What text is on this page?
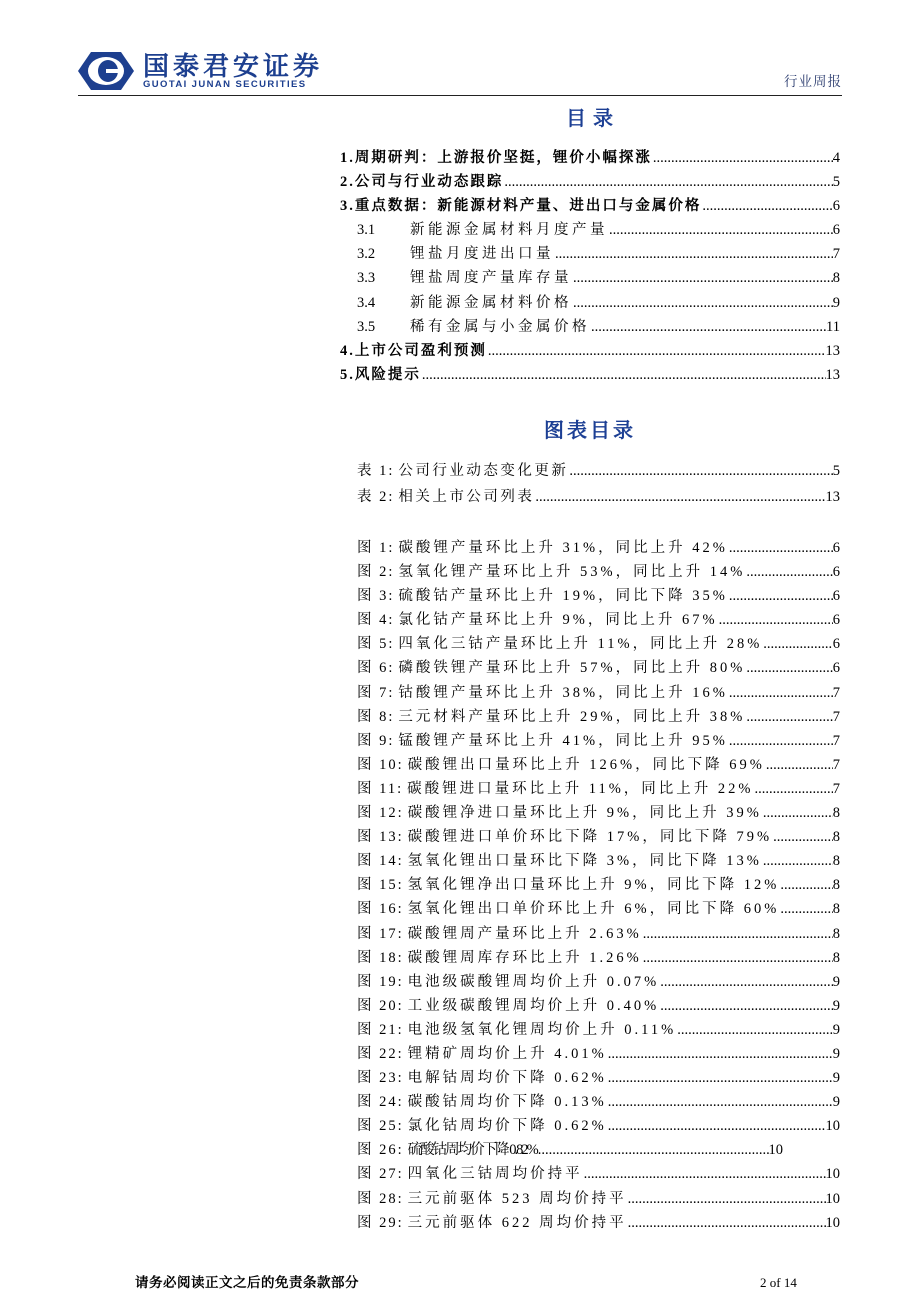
国泰君安证券
GUOTAI JUNAN SECURITIES	行业周报
目 录
1.周期研判：上游报价坚挺，锂价小幅探涨 .....	4
2.公司与行业动态跟踪 .....	5
3.重点数据：新能源材料产量、进出口与金属价格 .....	6
3.1	新能源金属材料月度产量 .....	6
3.2	锂盐月度进出口量 .....	7
3.3	锂盐周度产量库存量 .....	8
3.4	新能源金属材料价格 .....	9
3.5	稀有金属与小金属价格 .....	11
4.上市公司盈利预测 .....	13
5.风险提示 .....	13
图表目录
表 1: 公司行业动态变化更新 .....	5
表 2: 相关上市公司列表 .....	13
图 1: 碳酸锂产量环比上升 31%，同比上升 42% .....	6
图 2: 氢氧化锂产量环比上升 53%，同比上升 14% .....	6
图 3: 硫酸钴产量环比上升 19%，同比下降 35% .....	6
图 4: 氯化钴产量环比上升 9%，同比上升 67% .....	6
图 5: 四氧化三钴产量环比上升 11%，同比上升 28% .....	6
图 6: 磷酸铁锂产量环比上升 57%，同比上升 80% .....	6
图 7: 钴酸锂产量环比上升 38%，同比上升 16% .....	7
图 8: 三元材料产量环比上升 29%，同比上升 38% .....	7
图 9: 锰酸锂产量环比上升 41%，同比上升 95% .....	7
图 10: 碳酸锂出口量环比上升 126%，同比下降 69% .....	7
图 11: 碳酸锂进口量环比上升 11%，同比上升 22% .....	7
图 12: 碳酸锂净进口量环比上升 9%，同比上升 39% .....	8
图 13: 碳酸锂进口单价环比下降 17%，同比下降 79% .....	8
图 14: 氢氧化锂出口量环比下降 3%，同比下降 13% .....	8
图 15: 氢氧化锂净出口量环比上升 9%，同比下降 12% .....	8
图 16: 氢氧化锂出口单价环比上升 6%，同比下降 60% .....	8
图 17: 碳酸锂周产量环比上升 2.63% .....	8
图 18: 碳酸锂周库存环比上升 1.26% .....	8
图 19: 电池级碳酸锂周均价上升 0.07% .....	9
图 20: 工业级碳酸锂周均价上升 0.40% .....	9
图 21: 电池级氢氧化锂周均价上升 0.11% .....	9
图 22: 锂精矿周均价上升 4.01% .....	9
图 23: 电解钴周均价下降 0.62% .....	9
图 24: 碳酸钴周均价下降 0.13% .....	9
图 25: 氯化钴周均价下降 0.62% .....	10
图 26: 硫酸钴周均价下降 0.82% .....	10
图 27: 四氧化三钴周均价持平 .....	10
图 28: 三元前驱体 523 周均价持平 .....	10
图 29: 三元前驱体 622 周均价持平 .....	10
请务必阅读正文之后的免责条款部分	2 of 14
